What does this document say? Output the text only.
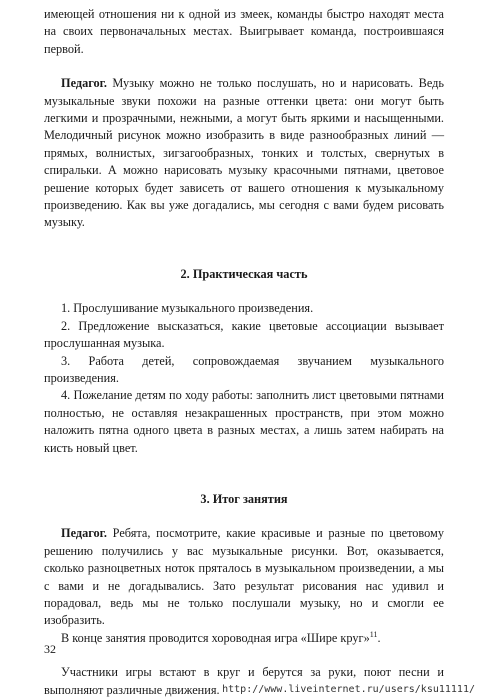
имеющей отношения ни к одной из змеек, команды быстро находят места на своих первоначальных местах. Выигрывает команда, построившаяся первой.

Педагог. Музыку можно не только послушать, но и нарисовать. Ведь музыкальные звуки похожи на разные оттенки цвета: они могут быть легкими и прозрачными, нежными, а могут быть яркими и насыщенными. Мелодичный рисунок можно изобразить в виде разнообразных линий — прямых, волнистых, зигзагообразных, тонких и толстых, свернутых в спиральки. А можно нарисовать музыку красочными пятнами, цветовое решение которых будет зависеть от вашего отношения к музыкальному произведению. Как вы уже догадались, мы сегодня с вами будем рисовать музыку.

2. Практическая часть

1. Прослушивание музыкального произведения.

2. Предложение высказаться, какие цветовые ассоциации вызывает прослушанная музыка.

3. Работа детей, сопровождаемая звучанием музыкального произведения.

4. Пожелание детям по ходу работы: заполнить лист цветовыми пятнами полностью, не оставляя незакрашенных пространств, при этом можно наложить пятна одного цвета в разных местах, а лишь затем набирать на кисть новый цвет.

3. Итог занятия

Педагог. Ребята, посмотрите, какие красивые и разные по цветовому решению получились у вас музыкальные рисунки. Вот, оказывается, сколько разноцветных ноток пряталось в музыкальном произведении, а мы с вами и не догадывались. Зато результат рисования нас удивил и порадовал, ведь мы не только послушали музыку, но и смогли ее изобразить.

В конце занятия проводится хороводная игра «Шире круг»$^{11}$.

Участники игры встают в круг и берутся за руки, поют песни и выполняют различные движения.

32
http://www.liveinternet.ru/users/ksu11111/
